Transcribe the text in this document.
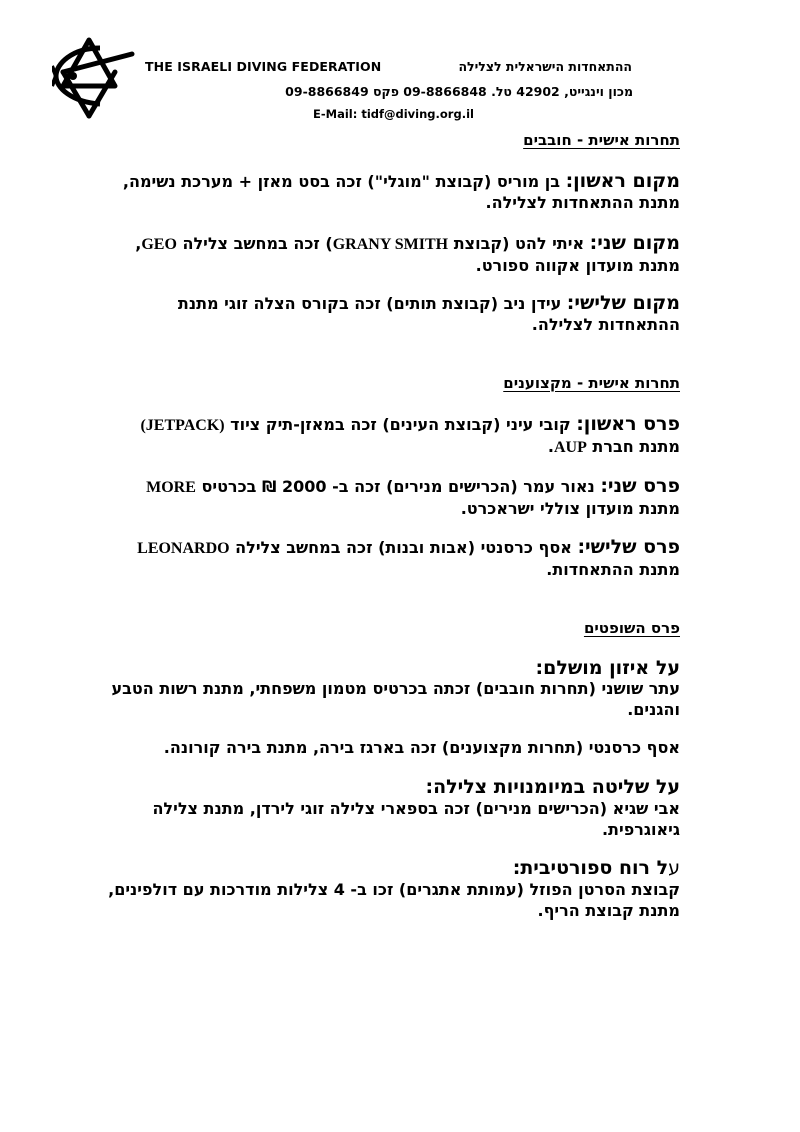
THE ISRAELI DIVING FEDERATION	ההתאחדות הישראלית לצלילה
מכון וינגייט, 42902 טל. 09-8866848 פקס 09-8866849
E-Mail: tidf@diving.org.il
תחרות אישית - חובבים
מקום ראשון: בן מוריס (קבוצת "מוגלי") זכה בסט מאזן + מערכת נשימה, מתנת ההתאחדות לצלילה.
מקום שני: איתי להט (קבוצת GRANY SMITH) זכה במחשב צלילה GEO, מתנת מועדון אקווה ספורט.
מקום שלישי: עידן ניב (קבוצת תותים) זכה בקורס הצלה זוגי מתנת ההתאחדות לצלילה.
תחרות אישית - מקצוענים
פרס ראשון: קובי עיני (קבוצת העינים) זכה במאזן-תיק ציוד (JETPACK) מתנת חברת AUP.
פרס שני: נאור עמר (הכרישים מנירים) זכה ב- 2000 ₪ בכרטיס MORE מתנת מועדון צוללי ישראכרט.
פרס שלישי: אסף כרסנטי (אבות ובנות) זכה במחשב צלילה LEONARDO מתנת ההתאחדות.
פרס השופטים
על איזון מושלם:
עתר שושני (תחרות חובבים) זכתה בכרטיס מטמון משפחתי, מתנת רשות הטבע והגנים.
אסף כרסנטי (תחרות מקצוענים) זכה בארגז בירה, מתנת בירה קורונה.
על שליטה במיומנויות צלילה:
אבי שגיא (הכרישים מנירים) זכה בספארי צלילה זוגי לירדן, מתנת צלילה גיאוגרפית.
על רוח ספורטיבית:
קבוצת הסרטן הפוזל (עמותת אתגרים) זכו ב- 4 צלילות מודרכות עם דולפינים, מתנת קבוצת הריף.
